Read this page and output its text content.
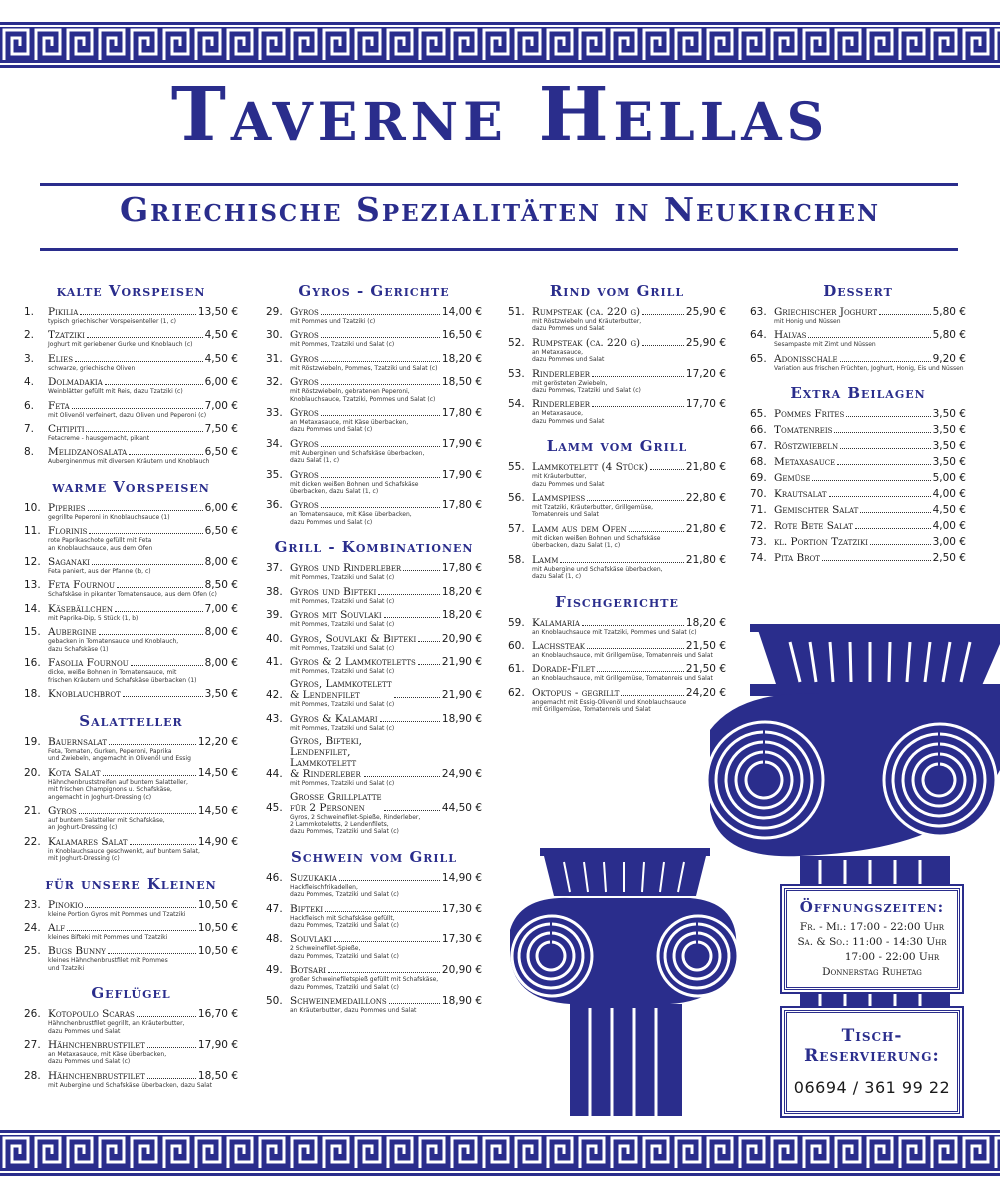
Taverne Hellas
Griechische Spezialitäten in Neukirchen
kalte Vorspeisen
1.	Pikilia	13,50 €
typisch griechischer Vorspeisenteller (1, c)
2.	Tzatziki	4,50 €
Joghurt mit geriebener Gurke und Knoblauch (c)
3.	Elies	4,50 €
schwarze, griechische Oliven
4.	Dolmadakia	6,00 €
Weinblätter gefüllt mit Reis, dazu Tzatziki (c)
6.	Feta	7,00 €
mit Olivenöl verfeinert, dazu Oliven und Peperoni (c)
7.	Chtipiti	7,50 €
Fetacreme - hausgemacht, pikant
8.	Melidzanosalata	6,50 €
Auberginenmus mit diversen Kräutern und Knoblauch
warme Vorspeisen
10. Piperies	6,00 €
gegrillte Peperoni in Knoblauchsauce (1)
11. Florinis	6,50 €
rote Paprikaschote gefüllt mit Feta
an Knoblauchsauce, aus dem Ofen
12. Saganaki	8,00 €
Feta paniert, aus der Pfanne (b, c)
13. Feta Fournou	8,50 €
Schafskäse in pikanter Tomatensauce, aus dem Ofen (c)
14. Käsebällchen	7,00 €
mit Paprika-Dip, 5 Stück (1, b)
15. Aubergine	8,00 €
gebacken in Tomatensauce und Knoblauch,
dazu Schafskäse (1)
16. Fasolia Fournou	8,00 €
dicke, weiße Bohnen in Tomatensauce, mit
frischen Kräutern und Schafskäse überbacken (1)
18. Knoblauchbrot	3,50 €
Salatteller
19. Bauernsalat	12,20 €
Feta, Tomaten, Gurken, Peperoni, Paprika
und Zwiebeln, angemacht in Olivenöl und Essig
20. Kota Salat	14,50 €
Hähnchenbruststreifen auf buntem Salatteller,
mit frischen Champignons u. Schafskäse,
angemacht in Joghurt-Dressing (c)
21. Gyros	14,50 €
auf buntem Salatteller mit Schafskäse,
an Joghurt-Dressing (c)
22. Kalamares Salat	14,90 €
in Knoblauchsauce geschwenkt, auf buntem Salat,
mit Joghurt-Dressing (c)
für unsere Kleinen
23. Pinokio	10,50 €
kleine Portion Gyros mit Pommes und Tzatziki
24. Alf	10,50 €
kleines Bifteki mit Pommes und Tzatziki
25. Bugs Bunny	10,50 €
kleines Hähnchenbrustfilet mit Pommes
und Tzatziki
Geflügel
26. Kotopoulo Scaras	16,70 €
Hähnchenbrustfilet gegrillt, an Kräuterbutter,
dazu Pommes und Salat
27. Hähnchenbrustfilet	17,90 €
an Metaxasauce, mit Käse überbacken,
dazu Pommes und Salat (c)
28. Hähnchenbrustfilet	18,50 €
mit Aubergine und Schafskäse überbacken, dazu Salat
Gyros - Gerichte
29. Gyros	14,00 €
mit Pommes und Tzatziki (c)
30. Gyros	16,50 €
mit Pommes, Tzatziki und Salat (c)
31. Gyros	18,20 €
mit Röstzwiebeln, Pommes, Tzatziki und Salat (c)
32. Gyros	18,50 €
mit Röstzwiebeln, gebratenen Peperoni,
Knoblauchsauce, Tzatziki, Pommes und Salat (c)
33. Gyros	17,80 €
an Metaxasauce, mit Käse überbacken,
dazu Pommes und Salat (c)
34. Gyros	17,90 €
mit Auberginen und Schafskäse überbacken,
dazu Salat (1, c)
35. Gyros	17,90 €
mit dicken weißen Bohnen und Schafskäse
überbacken, dazu Salat (1, c)
36. Gyros	17,80 €
an Tomatensauce, mit Käse überbacken,
dazu Pommes und Salat (c)
Grill - Kombinationen
37. Gyros und Rinderleber	17,80 €
mit Pommes, Tzatziki und Salat (c)
38. Gyros und Bifteki	18,20 €
mit Pommes, Tzatziki und Salat (c)
39. Gyros mit Souvlaki	18,20 €
mit Pommes, Tzatziki und Salat (c)
40. Gyros, Souvlaki & Bifteki 20,90 €
mit Pommes, Tzatziki und Salat (c)
41. Gyros & 2 Lammkoteletts 21,90 €
mit Pommes, Tzatziki und Salat (c)
42.
Gyros, Lammkotelett
& Lendenfilet	21,90 €
mit Pommes, Tzatziki und Salat (c)
43. Gyros & Kalamari	18,90 €
mit Pommes, Tzatziki und Salat (c)
44.
Gyros, Bifteki,
Lendenfilet,
Lammkotelett
& Rinderleber	24,90 €
mit Pommes, Tzatziki und Salat (c)
45.
Grosse Grillplatte
für 2 Personen	44,50 €
Gyros, 2 Schweinefilet-Spieße, Rinderleber,
2 Lammkoteletts, 2 Lendenfilets,
dazu Pommes, Tzatziki und Salat (c)
Schwein vom Grill
46. Suzukakia	14,90 €
Hackfleischfrikadellen,
dazu Pommes, Tzatziki und Salat (c)
47. Bifteki	17,30 €
Hackfleisch mit Schafskäse gefüllt,
dazu Pommes, Tzatziki und Salat (c)
48. Souvlaki	17,30 €
2 Schweinefilet-Spieße,
dazu Pommes, Tzatziki und Salat (c)
49. Botsari	20,90 €
großer Schweinefiletspieß gefüllt mit Schafskäse,
dazu Pommes, Tzatziki und Salat (c)
50. Schweinemedaillons	18,90 €
an Kräuterbutter, dazu Pommes und Salat
Rind vom Grill
51. Rumpsteak (ca. 220 g)	25,90 €
mit Röstzwiebeln und Kräuterbutter,
dazu Pommes und Salat
52. Rumpsteak (ca. 220 g)	25,90 €
an Metaxasauce,
dazu Pommes und Salat
53. Rinderleber	17,20 €
mit gerösteten Zwiebeln,
dazu Pommes, Tzatziki und Salat (c)
54. Rinderleber	17,70 €
an Metaxasauce,
dazu Pommes und Salat
Lamm vom Grill
55. Lammkotelett (4 Stück)	21,80 €
mit Kräuterbutter,
dazu Pommes und Salat
56. Lammspiess	22,80 €
mit Tzatziki, Kräuterbutter, Grillgemüse,
Tomatenreis und Salat
57. Lamm aus dem Ofen	21,80 €
mit dicken weißen Bohnen und Schafskäse
überbacken, dazu Salat (1, c)
58. Lamm	21,80 €
mit Aubergine und Schafskäse überbacken,
dazu Salat (1, c)
Fischgerichte
59. Kalamaria	18,20 €
an Knoblauchsauce mit Tzatziki, Pommes und Salat (c)
60. Lachssteak	21,50 €
an Knoblauchsauce, mit Grillgemüse, Tomatenreis und Salat
61. Dorade-Filet	21,50 €
an Knoblauchsauce, mit Grillgemüse, Tomatenreis und Salat
62. Oktopus - gegrillt	24,20 €
angemacht mit Essig-Olivenöl und Knoblauchsauce
mit Grillgemüse, Tomatenreis und Salat
Dessert
63. Griechischer Joghurt	5,80 €
mit Honig und Nüssen
64. Halvas	5,80 €
Sesampaste mit Zimt und Nüssen
65. Adonisschale	9,20 €
Variation aus frischen Früchten, Joghurt, Honig, Eis und Nüssen
Extra Beilagen
65. Pommes Frites	3,50 €
66. Tomatenreis	3,50 €
67. Röstzwiebeln	3,50 €
68. Metaxasauce	3,50 €
69. Gemüse	5,00 €
70. Krautsalat	4,00 €
71. Gemischter Salat	4,50 €
72. Rote Bete Salat	4,00 €
73. kl. Portion Tzatziki	3,00 €
74. Pita Brot	2,50 €
Öffnungszeiten:
Fr. - Mi.: 17:00 - 22:00 Uhr
Sa. & So.: 11:00 - 14:30 Uhr
17:00 - 22:00 Uhr
Donnerstag Ruhetag
Tisch-
Reservierung:
06694 / 361 99 22
